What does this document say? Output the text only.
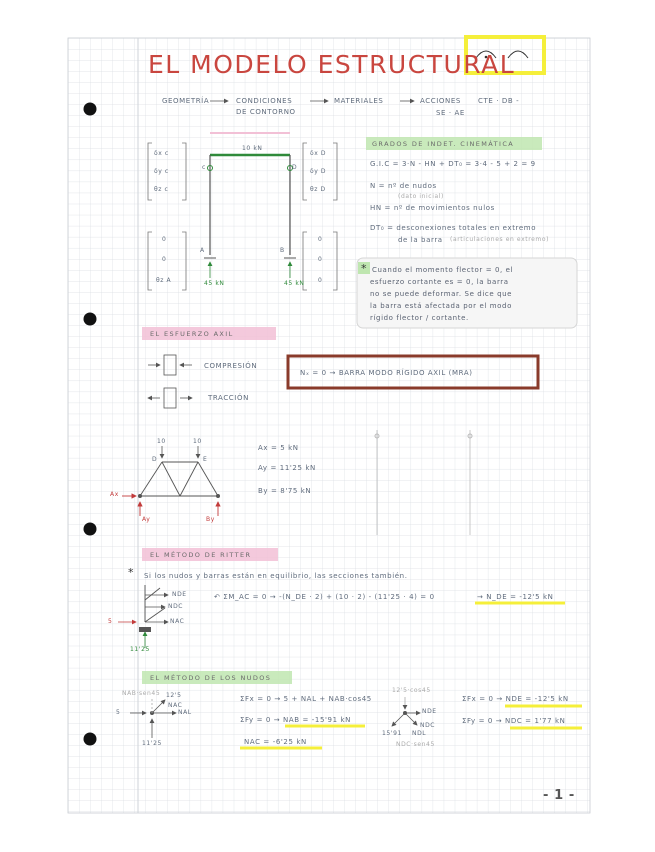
EL MODELO ESTRUCTURAL

GEOMETRÍA	CONDICIONES

DE CONTORNO

MATERIALES	ACCIONES CTE · DB -

SE · AE

10 kN

c	D

A	B

45 kN	45 kN

δx c

δy c

θz c

δx D

δy D

θz D

0

0

θz A

0

0

0

GRADOS DE INDET. CINEMÁTICA

G.I.C = 3·N - HN + DT₀ = 3·4 - 5 + 2 = 9

N = nº de nudos

(dato inicial)

HN = nº de movimientos nulos

DT₀ = desconexiones totales en extremo

de la barra (articulaciones en extremo)

* Cuando el momento flector = 0, el

esfuerzo cortante es = 0, la barra

no se puede deformar. Se dice que

la barra está afectada por el modo

rígido flector / cortante.

EL ESFUERZO AXIL

COMPRESIÓN

TRACCIÓN

Nₓ = 0 → BARRA MODO RÍGIDO AXIL (MRA)

10	10

D	E

Ax

Ay	By

Ax = 5 kN

Ay = 11'25 kN

By = 8'75 kN

EL MÉTODO DE RITTER

* Si los nudos y barras están en equilibrio, las secciones también.

↶ ΣM_AC = 0 → -(N_DE · 2) + (10 · 2) - (11'25 · 4) = 0	→ N_DE = -12'5 kN

NDE

NDC

NAC

5

11'25

EL MÉTODO DE LOS NUDOS

NAB·sen45 12'5

NAC

NAL

5

11'25

ΣFx = 0 → 5 + NAL + NAB·cos45

ΣFy = 0 → NAB = -15'91 kN

NAC = -6'25 kN

12'5·cos45

NDE

NDC

NDL

15'91

NDC·sen45

ΣFx = 0 → NDE = -12'5 kN

ΣFy = 0 → NDC = 1'77 kN

- 1 -
